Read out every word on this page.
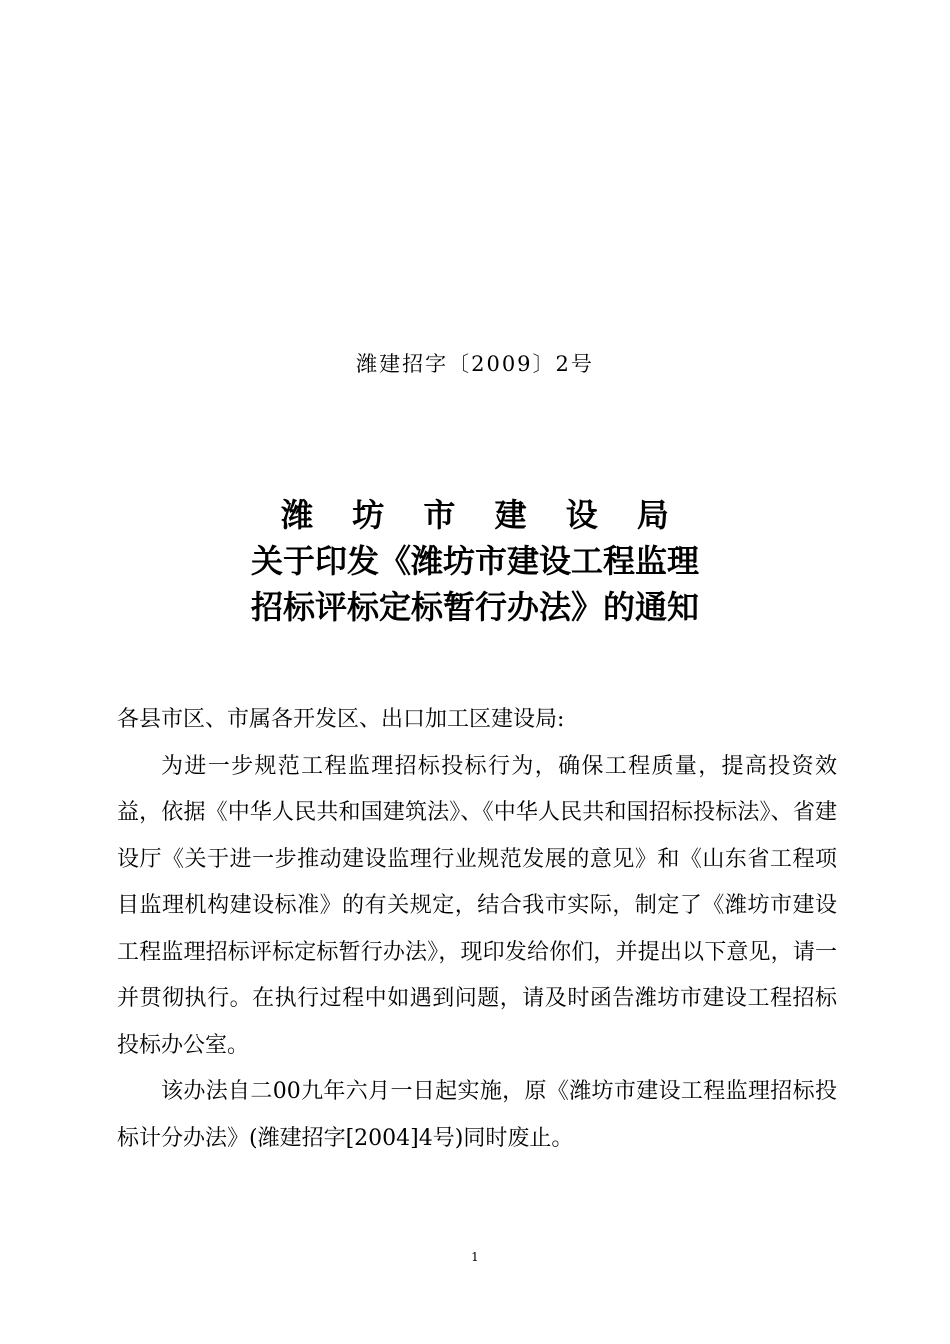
潍建招字〔2009〕2号
潍 坊 市 建 设 局
关于印发《潍坊市建设工程监理
招标评标定标暂行办法》的通知

各县市区、市属各开发区、出口加工区建设局:

为进一步规范工程监理招标投标行为，确保工程质量，提高投资效益，依据《中华人民共和国建筑法》、《中华人民共和国招标投标法》、省建设厅《关于进一步推动建设监理行业规范发展的意见》和《山东省工程项目监理机构建设标准》的有关规定，结合我市实际，制定了《潍坊市建设工程监理招标评标定标暂行办法》，现印发给你们，并提出以下意见，请一并贯彻执行。在执行过程中如遇到问题，请及时函告潍坊市建设工程招标投标办公室。

该办法自二00九年六月一日起实施，原《潍坊市建设工程监理招标投标计分办法》(潍建招字[2004]4号)同时废止。

1
